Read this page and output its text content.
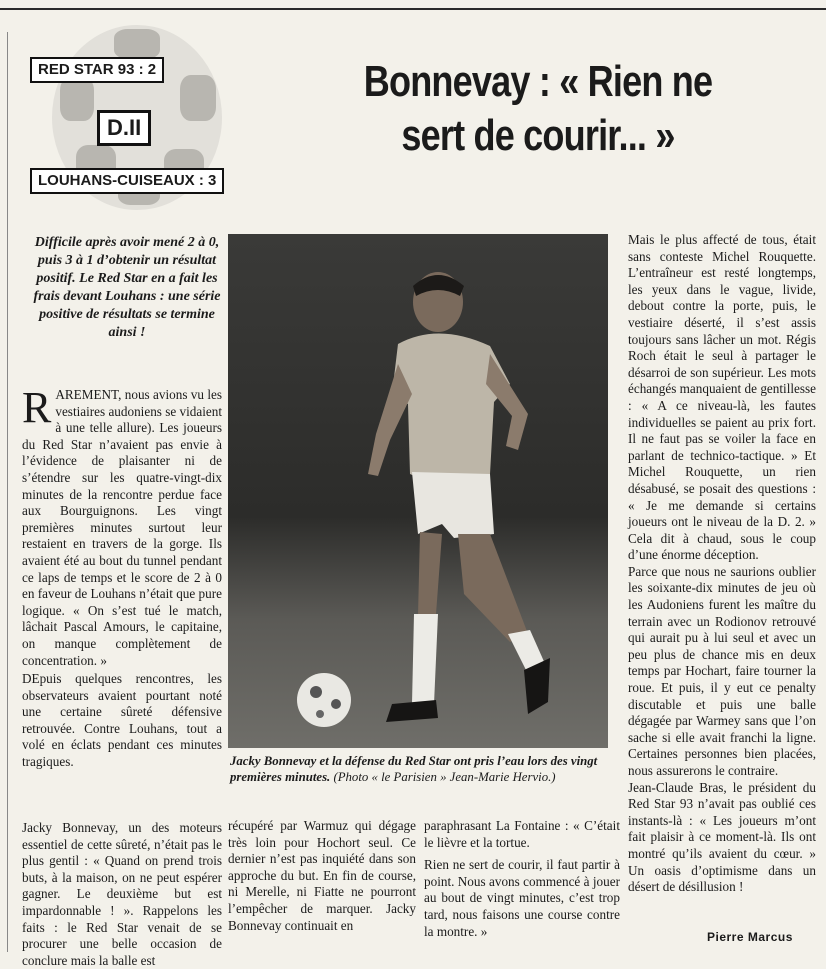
RED STAR 93 : 2
D.II
LOUHANS-CUISEAUX : 3
Bonnevay : « Rien ne
sert de courir... »
Difficile après avoir mené 2 à 0, puis 3 à 1 d’obtenir un résultat positif. Le Red Star en a fait les frais devant Louhans : une série positive de résultats se termine ainsi !

RAREMENT, nous avions vu les vestiaires audoniens se vidaient à une telle allure). Les joueurs du Red Star n’avaient pas envie à l’évidence de plaisanter ni de s’étendre sur les quatre-vingt-dix minutes de la rencontre perdue face aux Bourguignons. Les vingt premières minutes surtout leur restaient en travers de la gorge. Ils avaient été au bout du tunnel pendant ce laps de temps et le score de 2 à 0 en faveur de Louhans n’était que pure logique. « On s’est tué le match, lâchait Pascal Amours, le capitaine, on manque complètement de concentration. »

DEpuis quelques rencontres, les observateurs avaient pourtant noté une certaine sûreté défensive retrouvée. Contre Louhans, tout a volé en éclats pendant ces minutes tragiques.

Jacky Bonnevay, un des moteurs essentiel de cette sûreté, n’était pas le plus gentil : « Quand on prend trois buts, à la maison, on ne peut espérer gagner. Le deuxième but est impardonnable ! ». Rappelons les faits : le Red Star venait de se procurer une belle occasion de conclure mais la balle est

Jacky Bonnevay et la défense du Red Star ont pris l’eau lors des vingt premières minutes. (Photo « le Parisien » Jean-Marie Hervio.)

récupéré par Warmuz qui dégage très loin pour Hochort seul. Ce dernier n’est pas inquiété dans son approche du but. En fin de course, ni Merelle, ni Fiatte ne pourront l’empêcher de marquer. Jacky Bonnevay continuait en

paraphrasant La Fontaine : « C’était le lièvre et la tortue.

Rien ne sert de courir, il faut partir à point. Nous avons commencé à jouer au bout de vingt minutes, c’est trop tard, nous faisons une course contre la montre. »

Mais le plus affecté de tous, était sans conteste Michel Rouquette. L’entraîneur est resté longtemps, les yeux dans le vague, livide, debout contre la porte, puis, le vestiaire déserté, il s’est assis toujours sans lâcher un mot. Régis Roch était le seul à partager le désarroi de son supérieur. Les mots échangés manquaient de gentillesse : « A ce niveau-là, les fautes individuelles se paient au prix fort. Il ne faut pas se voiler la face en parlant de technico-tactique. » Et Michel Rouquette, un rien désabusé, se posait des questions : « Je me demande si certains joueurs ont le niveau de la D. 2. » Cela dit à chaud, sous le coup d’une énorme déception.

Parce que nous ne saurions oublier les soixante-dix minutes de jeu où les Audoniens furent les maître du terrain avec un Rodionov retrouvé qui aurait pu à lui seul et avec un peu plus de chance mis en deux temps par Hochart, faire tourner la roue. Et puis, il y eut ce penalty discutable et puis une balle dégagée par Warmey sans que l’on sache si elle avait franchi la ligne. Certaines personnes bien placées, nous assurerons le contraire.

Jean-Claude Bras, le président du Red Star 93 n’avait pas oublié ces instants-là : « Les joueurs m’ont fait plaisir à ce moment-là. Ils ont montré qu’ils avaient du cœur. » Un oasis d’optimisme dans un désert de désillusion !

Pierre Marcus
